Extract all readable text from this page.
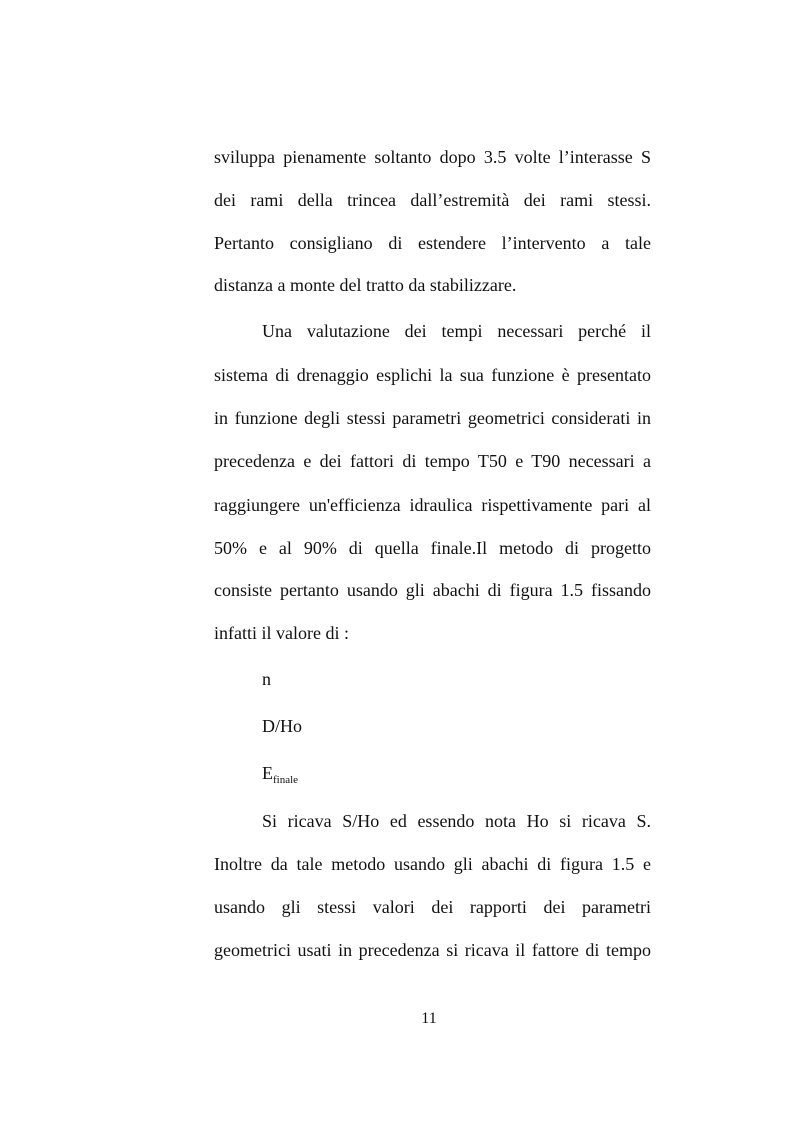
sviluppa pienamente soltanto dopo 3.5 volte l’interasse S
dei rami della trincea dall’estremità dei rami stessi.
Pertanto consigliano di estendere l’intervento a tale
distanza a monte del tratto da stabilizzare.
Una valutazione dei tempi necessari perché il
sistema di drenaggio esplichi la sua funzione è presentato
in funzione degli stessi parametri geometrici considerati in
precedenza e dei fattori di tempo T50 e T90 necessari a
raggiungere un'efficienza idraulica rispettivamente pari al
50% e al 90% di quella finale.Il metodo di progetto
consiste pertanto usando gli abachi di figura 1.5 fissando
infatti il valore di :
n
D/Ho
$E_{finale}$
Si ricava S/Ho ed essendo nota Ho si ricava S.
Inoltre da tale metodo usando gli abachi di figura 1.5 e
usando gli stessi valori dei rapporti dei parametri
geometrici usati in precedenza si ricava il fattore di tempo
11
